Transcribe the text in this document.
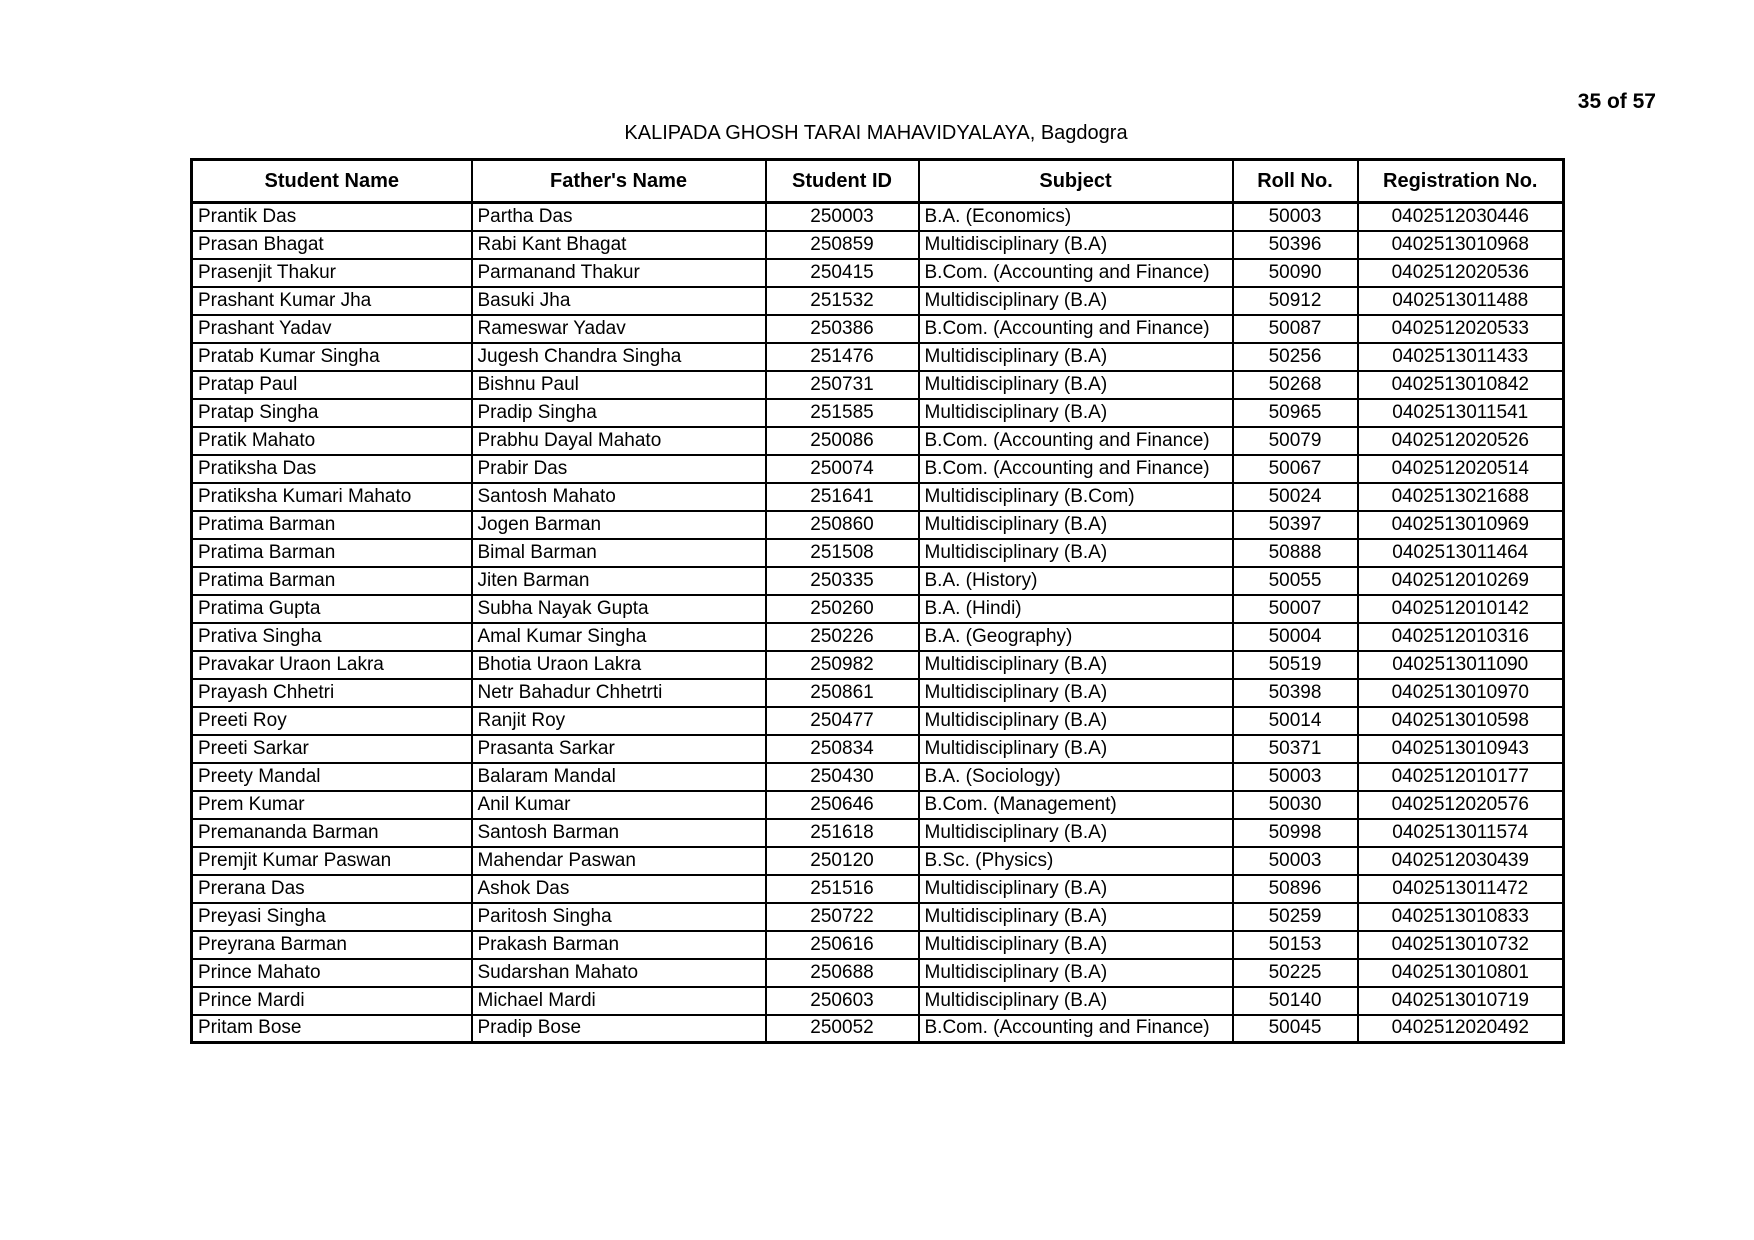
35 of 57
KALIPADA GHOSH TARAI MAHAVIDYALAYA, Bagdogra
Student Name	Father's Name	Student ID	Subject	Roll No.	Registration No.
Prantik Das	Partha Das	250003	B.A. (Economics)	50003	0402512030446
Prasan Bhagat	Rabi Kant Bhagat	250859	Multidisciplinary (B.A)	50396	0402513010968
Prasenjit Thakur	Parmanand Thakur	250415	B.Com. (Accounting and Finance)	50090	0402512020536
Prashant Kumar Jha	Basuki Jha	251532	Multidisciplinary (B.A)	50912	0402513011488
Prashant Yadav	Rameswar Yadav	250386	B.Com. (Accounting and Finance)	50087	0402512020533
Pratab Kumar Singha	Jugesh Chandra Singha	251476	Multidisciplinary (B.A)	50256	0402513011433
Pratap Paul	Bishnu Paul	250731	Multidisciplinary (B.A)	50268	0402513010842
Pratap Singha	Pradip Singha	251585	Multidisciplinary (B.A)	50965	0402513011541
Pratik Mahato	Prabhu Dayal Mahato	250086	B.Com. (Accounting and Finance)	50079	0402512020526
Pratiksha Das	Prabir Das	250074	B.Com. (Accounting and Finance)	50067	0402512020514
Pratiksha Kumari Mahato	Santosh Mahato	251641	Multidisciplinary (B.Com)	50024	0402513021688
Pratima Barman	Jogen Barman	250860	Multidisciplinary (B.A)	50397	0402513010969
Pratima Barman	Bimal Barman	251508	Multidisciplinary (B.A)	50888	0402513011464
Pratima Barman	Jiten Barman	250335	B.A. (History)	50055	0402512010269
Pratima Gupta	Subha Nayak Gupta	250260	B.A. (Hindi)	50007	0402512010142
Prativa Singha	Amal Kumar Singha	250226	B.A. (Geography)	50004	0402512010316
Pravakar Uraon Lakra	Bhotia Uraon Lakra	250982	Multidisciplinary (B.A)	50519	0402513011090
Prayash Chhetri	Netr Bahadur Chhetrti	250861	Multidisciplinary (B.A)	50398	0402513010970
Preeti Roy	Ranjit Roy	250477	Multidisciplinary (B.A)	50014	0402513010598
Preeti Sarkar	Prasanta Sarkar	250834	Multidisciplinary (B.A)	50371	0402513010943
Preety Mandal	Balaram Mandal	250430	B.A. (Sociology)	50003	0402512010177
Prem Kumar	Anil Kumar	250646	B.Com. (Management)	50030	0402512020576
Premananda Barman	Santosh Barman	251618	Multidisciplinary (B.A)	50998	0402513011574
Premjit Kumar Paswan	Mahendar Paswan	250120	B.Sc. (Physics)	50003	0402512030439
Prerana Das	Ashok Das	251516	Multidisciplinary (B.A)	50896	0402513011472
Preyasi Singha	Paritosh Singha	250722	Multidisciplinary (B.A)	50259	0402513010833
Preyrana Barman	Prakash Barman	250616	Multidisciplinary (B.A)	50153	0402513010732
Prince Mahato	Sudarshan Mahato	250688	Multidisciplinary (B.A)	50225	0402513010801
Prince Mardi	Michael Mardi	250603	Multidisciplinary (B.A)	50140	0402513010719
Pritam Bose	Pradip Bose	250052	B.Com. (Accounting and Finance)	50045	0402512020492
